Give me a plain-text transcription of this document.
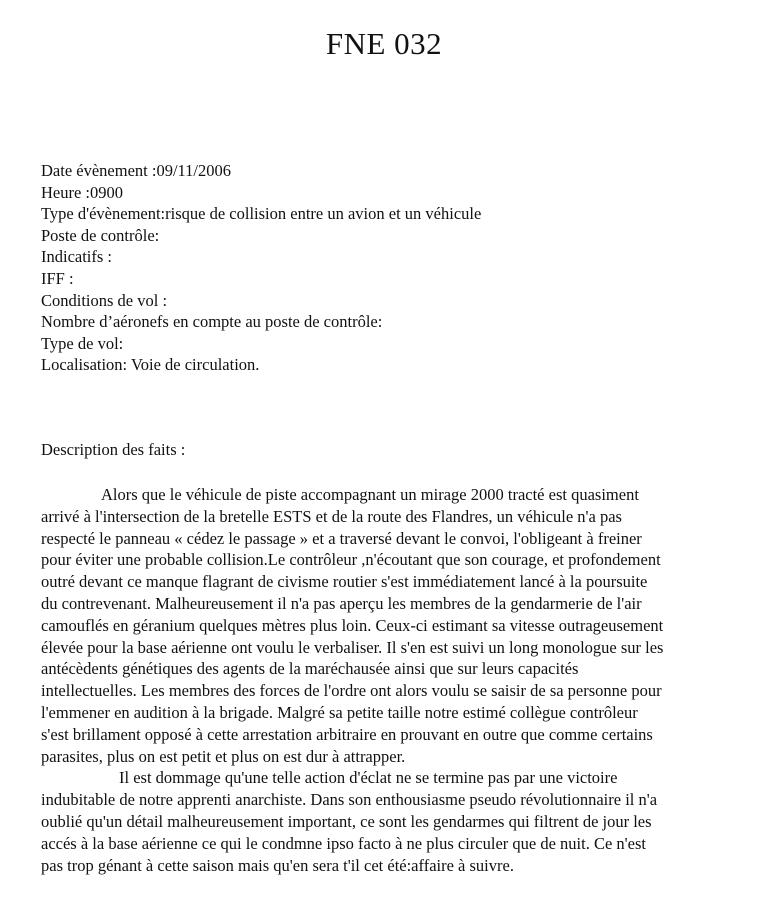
FNE 032
Date évènement :09/11/2006
Heure :0900
Type d'évènement:risque de collision entre un avion et un véhicule
Poste de contrôle:
Indicatifs :
IFF :
Conditions de vol :
Nombre d’aéronefs en compte au poste de contrôle:
Type de vol:
Localisation: Voie de circulation.
Description des faits :
Alors que le véhicule de piste accompagnant un mirage 2000 tracté est quasiment
arrivé à l'intersection de la bretelle ESTS et de la route des Flandres, un véhicule n'a pas
respecté le panneau « cédez le passage » et a traversé devant le convoi, l'obligeant à freiner
pour éviter une probable collision.Le contrôleur ,n'écoutant que son courage, et profondement
outré devant ce manque flagrant de civisme routier s'est immédiatement lancé à la poursuite
du contrevenant. Malheureusement il n'a pas aperçu les membres de la gendarmerie de l'air
camouflés en géranium quelques mètres plus loin. Ceux-ci estimant sa vitesse outrageusement
élevée pour la base aérienne ont voulu le verbaliser. Il s'en est suivi un long monologue sur les
antécèdents génétiques des agents de la maréchausée ainsi que sur leurs capacités
intellectuelles. Les membres des forces de l'ordre ont alors voulu se saisir de sa personne pour
l'emmener en audition à la brigade. Malgré sa petite taille notre estimé collègue contrôleur
s'est brillament opposé à cette arrestation arbitraire en prouvant en outre que comme certains
parasites, plus on est petit et plus on est dur à attrapper.
Il est dommage qu'une telle action d'éclat ne se termine pas par une victoire
indubitable de notre apprenti anarchiste. Dans son enthousiasme pseudo révolutionnaire il n'a
oublié qu'un détail malheureusement important, ce sont les gendarmes qui filtrent de jour les
accés à la base aérienne ce qui le condmne ipso facto à ne plus circuler que de nuit. Ce n'est
pas trop génant à cette saison mais qu'en sera t'il cet été:affaire à suivre.
